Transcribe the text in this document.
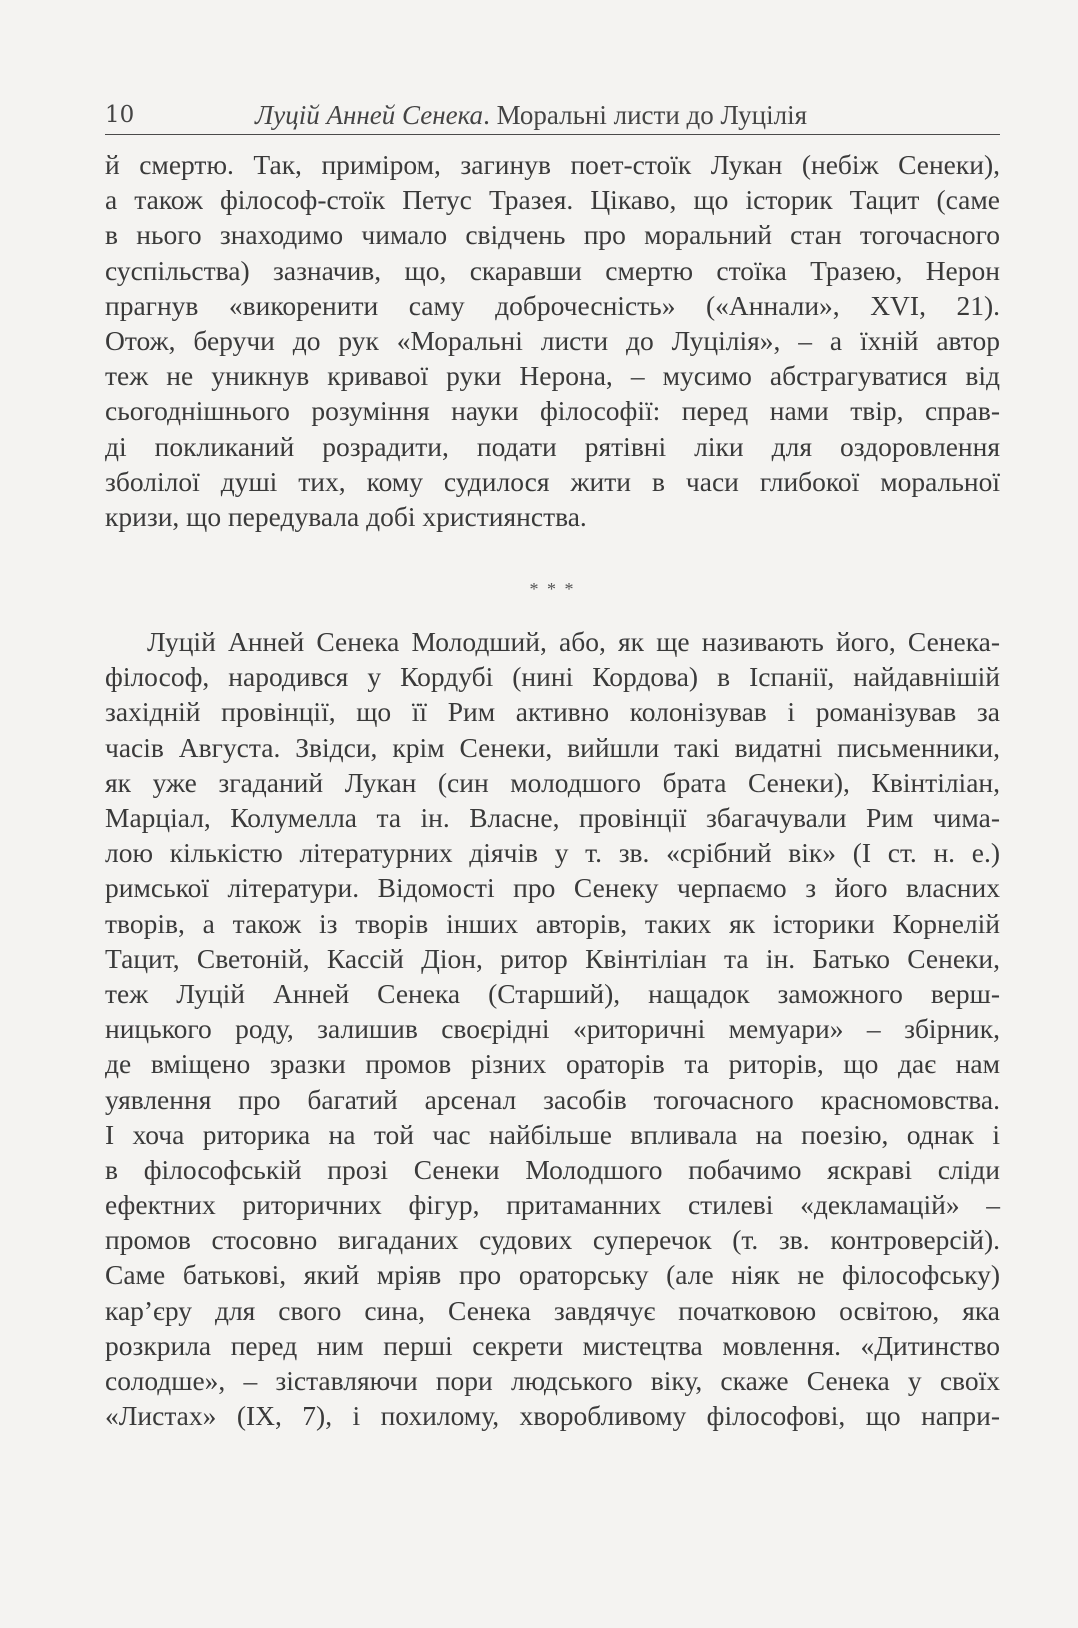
10	Луцій Анней Сенека. Моральні листи до Луцілія
й смертю. Так, приміром, загинув поет-стоїк Лукан (небіж Сенеки),
а також філософ-стоїк Петус Тразея. Цікаво, що історик Тацит (саме
в нього знаходимо чимало свідчень про моральний стан тогочасного
суспільства) зазначив, що, скаравши смертю стоїка Тразею, Нерон
прагнув «викоренити саму доброчесність» («Аннали», XVI, 21).
Отож, беручи до рук «Моральні листи до Луцілія», – а їхній автор
теж не уникнув кривавої руки Нерона, – мусимо абстрагуватися від
сьогоднішнього розуміння науки філософії: перед нами твір, справ-
ді покликаний розрадити, подати рятівні ліки для оздоровлення
зболілої душі тих, кому судилося жити в часи глибокої моральної
кризи, що передувала добі християнства.
* * *
Луцій Анней Сенека Молодший, або, як ще називають його, Сенека-
філософ, народився у Кордубі (нині Кордова) в Іспанії, найдавнішій
західній провінції, що її Рим активно колонізував і романізував за
часів Августа. Звідси, крім Сенеки, вийшли такі видатні письменники,
як уже згаданий Лукан (син молодшого брата Сенеки), Квінтіліан,
Марціал, Колумелла та ін. Власне, провінції збагачували Рим чима-
лою кількістю літературних діячів у т. зв. «срібний вік» (I ст. н. е.)
римської літератури. Відомості про Сенеку черпаємо з його власних
творів, а також із творів інших авторів, таких як історики Корнелій
Тацит, Светоній, Кассій Діон, ритор Квінтіліан та ін. Батько Сенеки,
теж Луцій Анней Сенека (Старший), нащадок заможного верш-
ницького роду, залишив своєрідні «риторичні мемуари» – збірник,
де вміщено зразки промов різних ораторів та риторів, що дає нам
уявлення про багатий арсенал засобів тогочасного красномовства.
І хоча риторика на той час найбільше впливала на поезію, однак і
в філософській прозі Сенеки Молодшого побачимо яскраві сліди
ефектних риторичних фігур, притаманних стилеві «декламацій» –
промов стосовно вигаданих судових суперечок (т. зв. контроверсій).
Саме батькові, який мріяв про ораторську (але ніяк не філософську)
кар’єру для свого сина, Сенека завдячує початковою освітою, яка
розкрила перед ним перші секрети мистецтва мовлення. «Дитинство
солодше», – зіставляючи пори людського віку, скаже Сенека у своїх
«Листах» (IX, 7), і похилому, хворобливому філософові, що напри-
